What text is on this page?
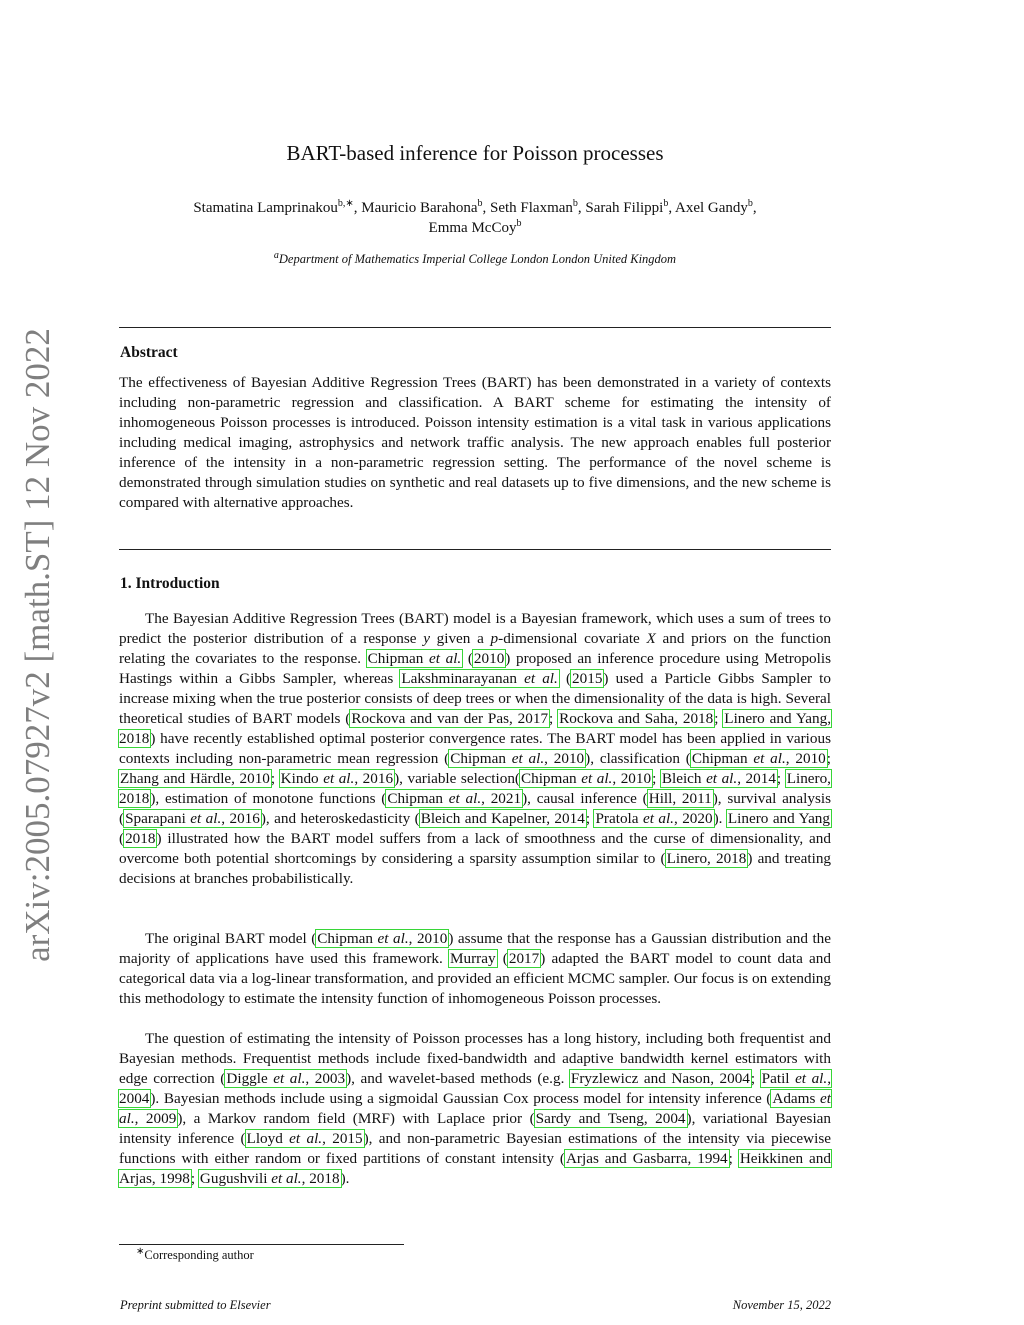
arXiv:2005.07927v2 [math.ST] 12 Nov 2022
BART-based inference for Poisson processes
Stamatina Lamprinakou$^{b,∗}$, Mauricio Barahona$^b$, Seth Flaxman$^b$, Sarah Filippi$^b$, Axel Gandy$^b$,
Emma McCoy$^b$
$^a$Department of Mathematics Imperial College London London United Kingdom
Abstract
The effectiveness of Bayesian Additive Regression Trees (BART) has been demonstrated in a variety of contexts including non-parametric regression and classification. A BART scheme for estimating the intensity of inhomogeneous Poisson processes is introduced. Poisson intensity estimation is a vital task in various applications including medical imaging, astrophysics and network traffic analysis. The new approach enables full posterior inference of the intensity in a non-parametric regression setting. The performance of the novel scheme is demonstrated through simulation studies on synthetic and real datasets up to five dimensions, and the new scheme is compared with alternative approaches.
1. Introduction
The Bayesian Additive Regression Trees (BART) model is a Bayesian framework, which uses a sum of trees to predict the posterior distribution of a response y given a p-dimensional covariate X and priors on the function relating the covariates to the response. Chipman et al. (2010) proposed an inference procedure using Metropolis Hastings within a Gibbs Sampler, whereas Lakshminarayanan et al. (2015) used a Particle Gibbs Sampler to increase mixing when the true posterior consists of deep trees or when the dimensionality of the data is high. Several theoretical studies of BART models (Rockova and van der Pas, 2017; Rockova and Saha, 2018; Linero and Yang, 2018) have recently established optimal posterior convergence rates. The BART model has been applied in various contexts including non-parametric mean regression (Chipman et al., 2010), classification (Chipman et al., 2010; Zhang and Härdle, 2010; Kindo et al., 2016), variable selection(Chipman et al., 2010; Bleich et al., 2014; Linero, 2018), estimation of monotone functions (Chipman et al., 2021), causal inference (Hill, 2011), survival analysis (Sparapani et al., 2016), and heteroskedasticity (Bleich and Kapelner, 2014; Pratola et al., 2020). Linero and Yang (2018) illustrated how the BART model suffers from a lack of smoothness and the curse of dimensionality, and overcome both potential shortcomings by considering a sparsity assumption similar to (Linero, 2018) and treating decisions at branches probabilistically.
The original BART model (Chipman et al., 2010) assume that the response has a Gaussian distribution and the majority of applications have used this framework. Murray (2017) adapted the BART model to count data and categorical data via a log-linear transformation, and provided an efficient MCMC sampler. Our focus is on extending this methodology to estimate the intensity function of inhomogeneous Poisson processes.
The question of estimating the intensity of Poisson processes has a long history, including both frequentist and Bayesian methods. Frequentist methods include fixed-bandwidth and adaptive bandwidth kernel estimators with edge correction (Diggle et al., 2003), and wavelet-based methods (e.g. Fryzlewicz and Nason, 2004; Patil et al., 2004). Bayesian methods include using a sigmoidal Gaussian Cox process model for intensity inference (Adams et al., 2009), a Markov random field (MRF) with Laplace prior (Sardy and Tseng, 2004), variational Bayesian intensity inference (Lloyd et al., 2015), and non-parametric Bayesian estimations of the intensity via piecewise functions with either random or fixed partitions of constant intensity (Arjas and Gasbarra, 1994; Heikkinen and Arjas, 1998; Gugushvili et al., 2018).
∗Corresponding author
Preprint submitted to Elsevier	November 15, 2022
